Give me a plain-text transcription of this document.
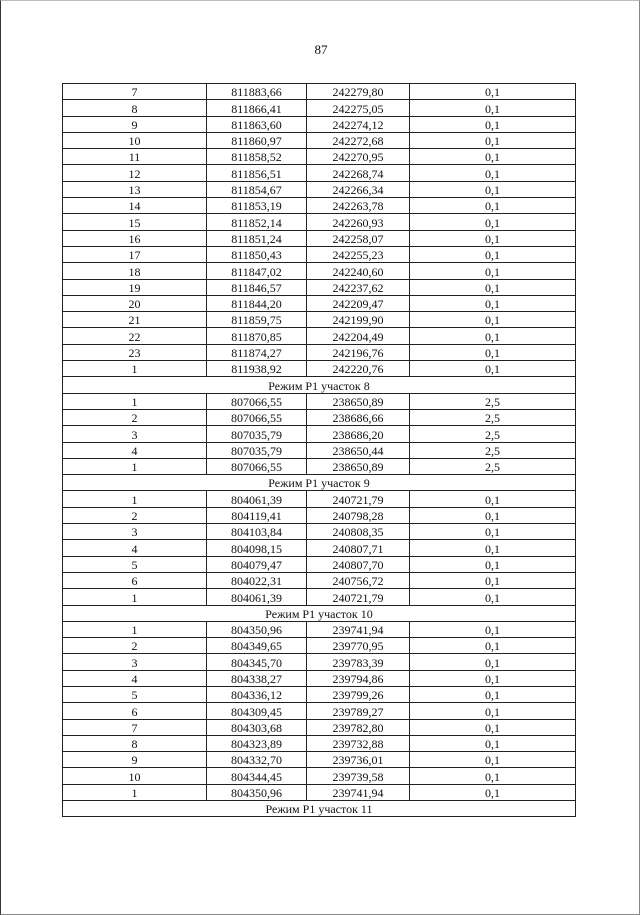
87
7	811883,66	242279,80	0,1
8	811866,41	242275,05	0,1
9	811863,60	242274,12	0,1
10	811860,97	242272,68	0,1
11	811858,52	242270,95	0,1
12	811856,51	242268,74	0,1
13	811854,67	242266,34	0,1
14	811853,19	242263,78	0,1
15	811852,14	242260,93	0,1
16	811851,24	242258,07	0,1
17	811850,43	242255,23	0,1
18	811847,02	242240,60	0,1
19	811846,57	242237,62	0,1
20	811844,20	242209,47	0,1
21	811859,75	242199,90	0,1
22	811870,85	242204,49	0,1
23	811874,27	242196,76	0,1
1	811938,92	242220,76	0,1
Режим Р1 участок 8			
1	807066,55	238650,89	2,5
2	807066,55	238686,66	2,5
3	807035,79	238686,20	2,5
4	807035,79	238650,44	2,5
1	807066,55	238650,89	2,5
Режим Р1 участок 9			
1	804061,39	240721,79	0,1
2	804119,41	240798,28	0,1
3	804103,84	240808,35	0,1
4	804098,15	240807,71	0,1
5	804079,47	240807,70	0,1
6	804022,31	240756,72	0,1
1	804061,39	240721,79	0,1
Режим Р1 участок 10			
1	804350,96	239741,94	0,1
2	804349,65	239770,95	0,1
3	804345,70	239783,39	0,1
4	804338,27	239794,86	0,1
5	804336,12	239799,26	0,1
6	804309,45	239789,27	0,1
7	804303,68	239782,80	0,1
8	804323,89	239732,88	0,1
9	804332,70	239736,01	0,1
10	804344,45	239739,58	0,1
1	804350,96	239741,94	0,1
Режим Р1 участок 11			
